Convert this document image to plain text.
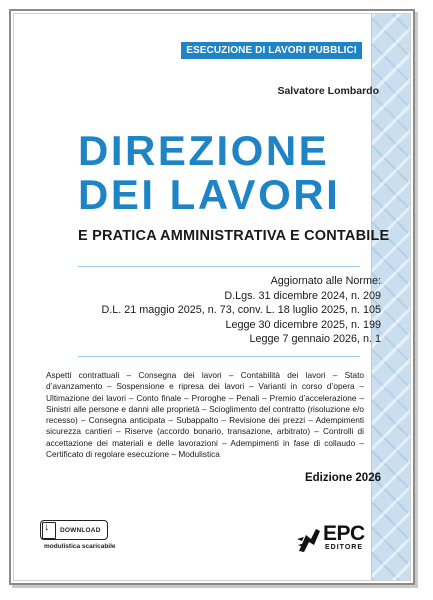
ESECUZIONE DI LAVORI PUBBLICI
Salvatore Lombardo
DIREZIONE
DEI LAVORI
E PRATICA AMMINISTRATIVA E CONTABILE
Aggiornato alle Norme:
D.Lgs. 31 dicembre 2024, n. 209
D.L. 21 maggio 2025, n. 73, conv. L. 18 luglio 2025, n. 105
Legge 30 dicembre 2025, n. 199
Legge 7 gennaio 2026, n. 1
Aspetti contrattuali – Consegna dei lavori – Contabilità dei lavori – Stato d’avanzamento – Sospensione e ripresa dei lavori – Varianti in corso d’opera – Ultimazione dei lavori – Conto finale – Proroghe – Penali – Premio d’accelerazione – Sinistri alle persone e danni alle proprietà – Scioglimento del contratto (risoluzione e/o recesso) – Consegna anticipata – Subappalto – Revisione dei prezzi – Adempimenti sicurezza cantieri – Riserve (accordo bonario, transazione, arbitrato) – Controlli di accettazione dei materiali e delle lavorazioni – Adempimenti in fase di collaudo – Certificato di regolare esecuzione – Modulistica
Edizione 2026
↓
DOWNLOAD
modulistica scaricabile
EPC
EDITORE
